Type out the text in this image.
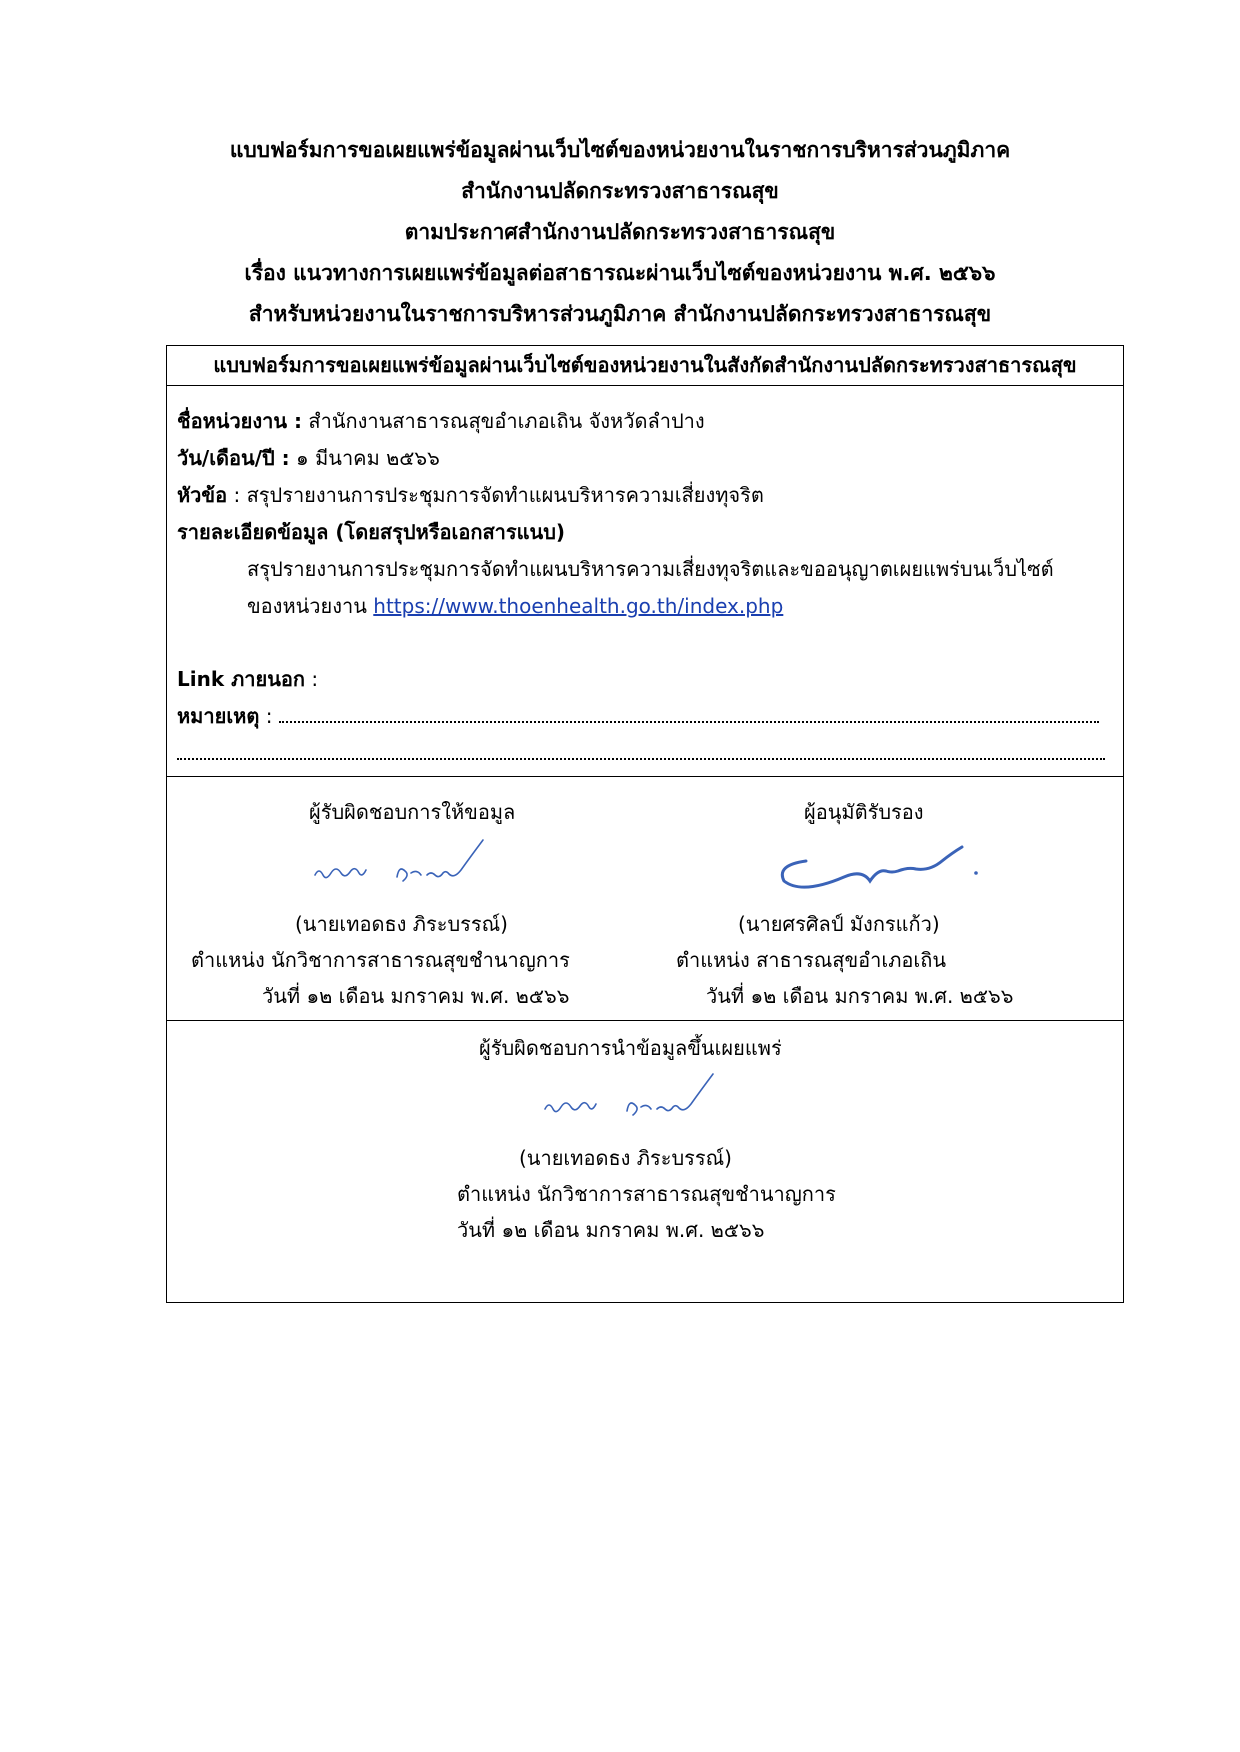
แบบฟอร์มการขอเผยแพร่ข้อมูลผ่านเว็บไซต์ของหน่วยงานในราชการบริหารส่วนภูมิภาค
สำนักงานปลัดกระทรวงสาธารณสุข
ตามประกาศสำนักงานปลัดกระทรวงสาธารณสุข
เรื่อง แนวทางการเผยแพร่ข้อมูลต่อสาธารณะผ่านเว็บไซต์ของหน่วยงาน พ.ศ. ๒๕๖๖
สำหรับหน่วยงานในราชการบริหารส่วนภูมิภาค สำนักงานปลัดกระทรวงสาธารณสุข
แบบฟอร์มการขอเผยแพร่ข้อมูลผ่านเว็บไซต์ของหน่วยงานในสังกัดสำนักงานปลัดกระทรวงสาธารณสุข
ชื่อหน่วยงาน : สำนักงานสาธารณสุขอำเภอเถิน จังหวัดลำปาง
วัน/เดือน/ปี : ๑ มีนาคม ๒๕๖๖
หัวข้อ : สรุปรายงานการประชุมการจัดทำแผนบริหารความเสี่ยงทุจริต
รายละเอียดข้อมูล (โดยสรุปหรือเอกสารแนบ)
สรุปรายงานการประชุมการจัดทำแผนบริหารความเสี่ยงทุจริตและขออนุญาตเผยแพร่บนเว็บไซต์
ของหน่วยงาน https://www.thoenhealth.go.th/index.php
Link ภายนอก :
หมายเหตุ :
ผู้รับผิดชอบการให้ขอมูล
(นายเทอดธง ภิระบรรณ์)
ตำแหน่ง นักวิชาการสาธารณสุขชำนาญการ
วันที่ ๑๒ เดือน มกราคม พ.ศ. ๒๕๖๖
ผู้อนุมัติรับรอง
(นายศรศิลป์ มังกรแก้ว)
ตำแหน่ง สาธารณสุขอำเภอเถิน
วันที่ ๑๒ เดือน มกราคม พ.ศ. ๒๕๖๖
ผู้รับผิดชอบการนำข้อมูลขึ้นเผยแพร่
(นายเทอดธง ภิระบรรณ์)
ตำแหน่ง นักวิชาการสาธารณสุขชำนาญการ
วันที่ ๑๒ เดือน มกราคม พ.ศ. ๒๕๖๖
